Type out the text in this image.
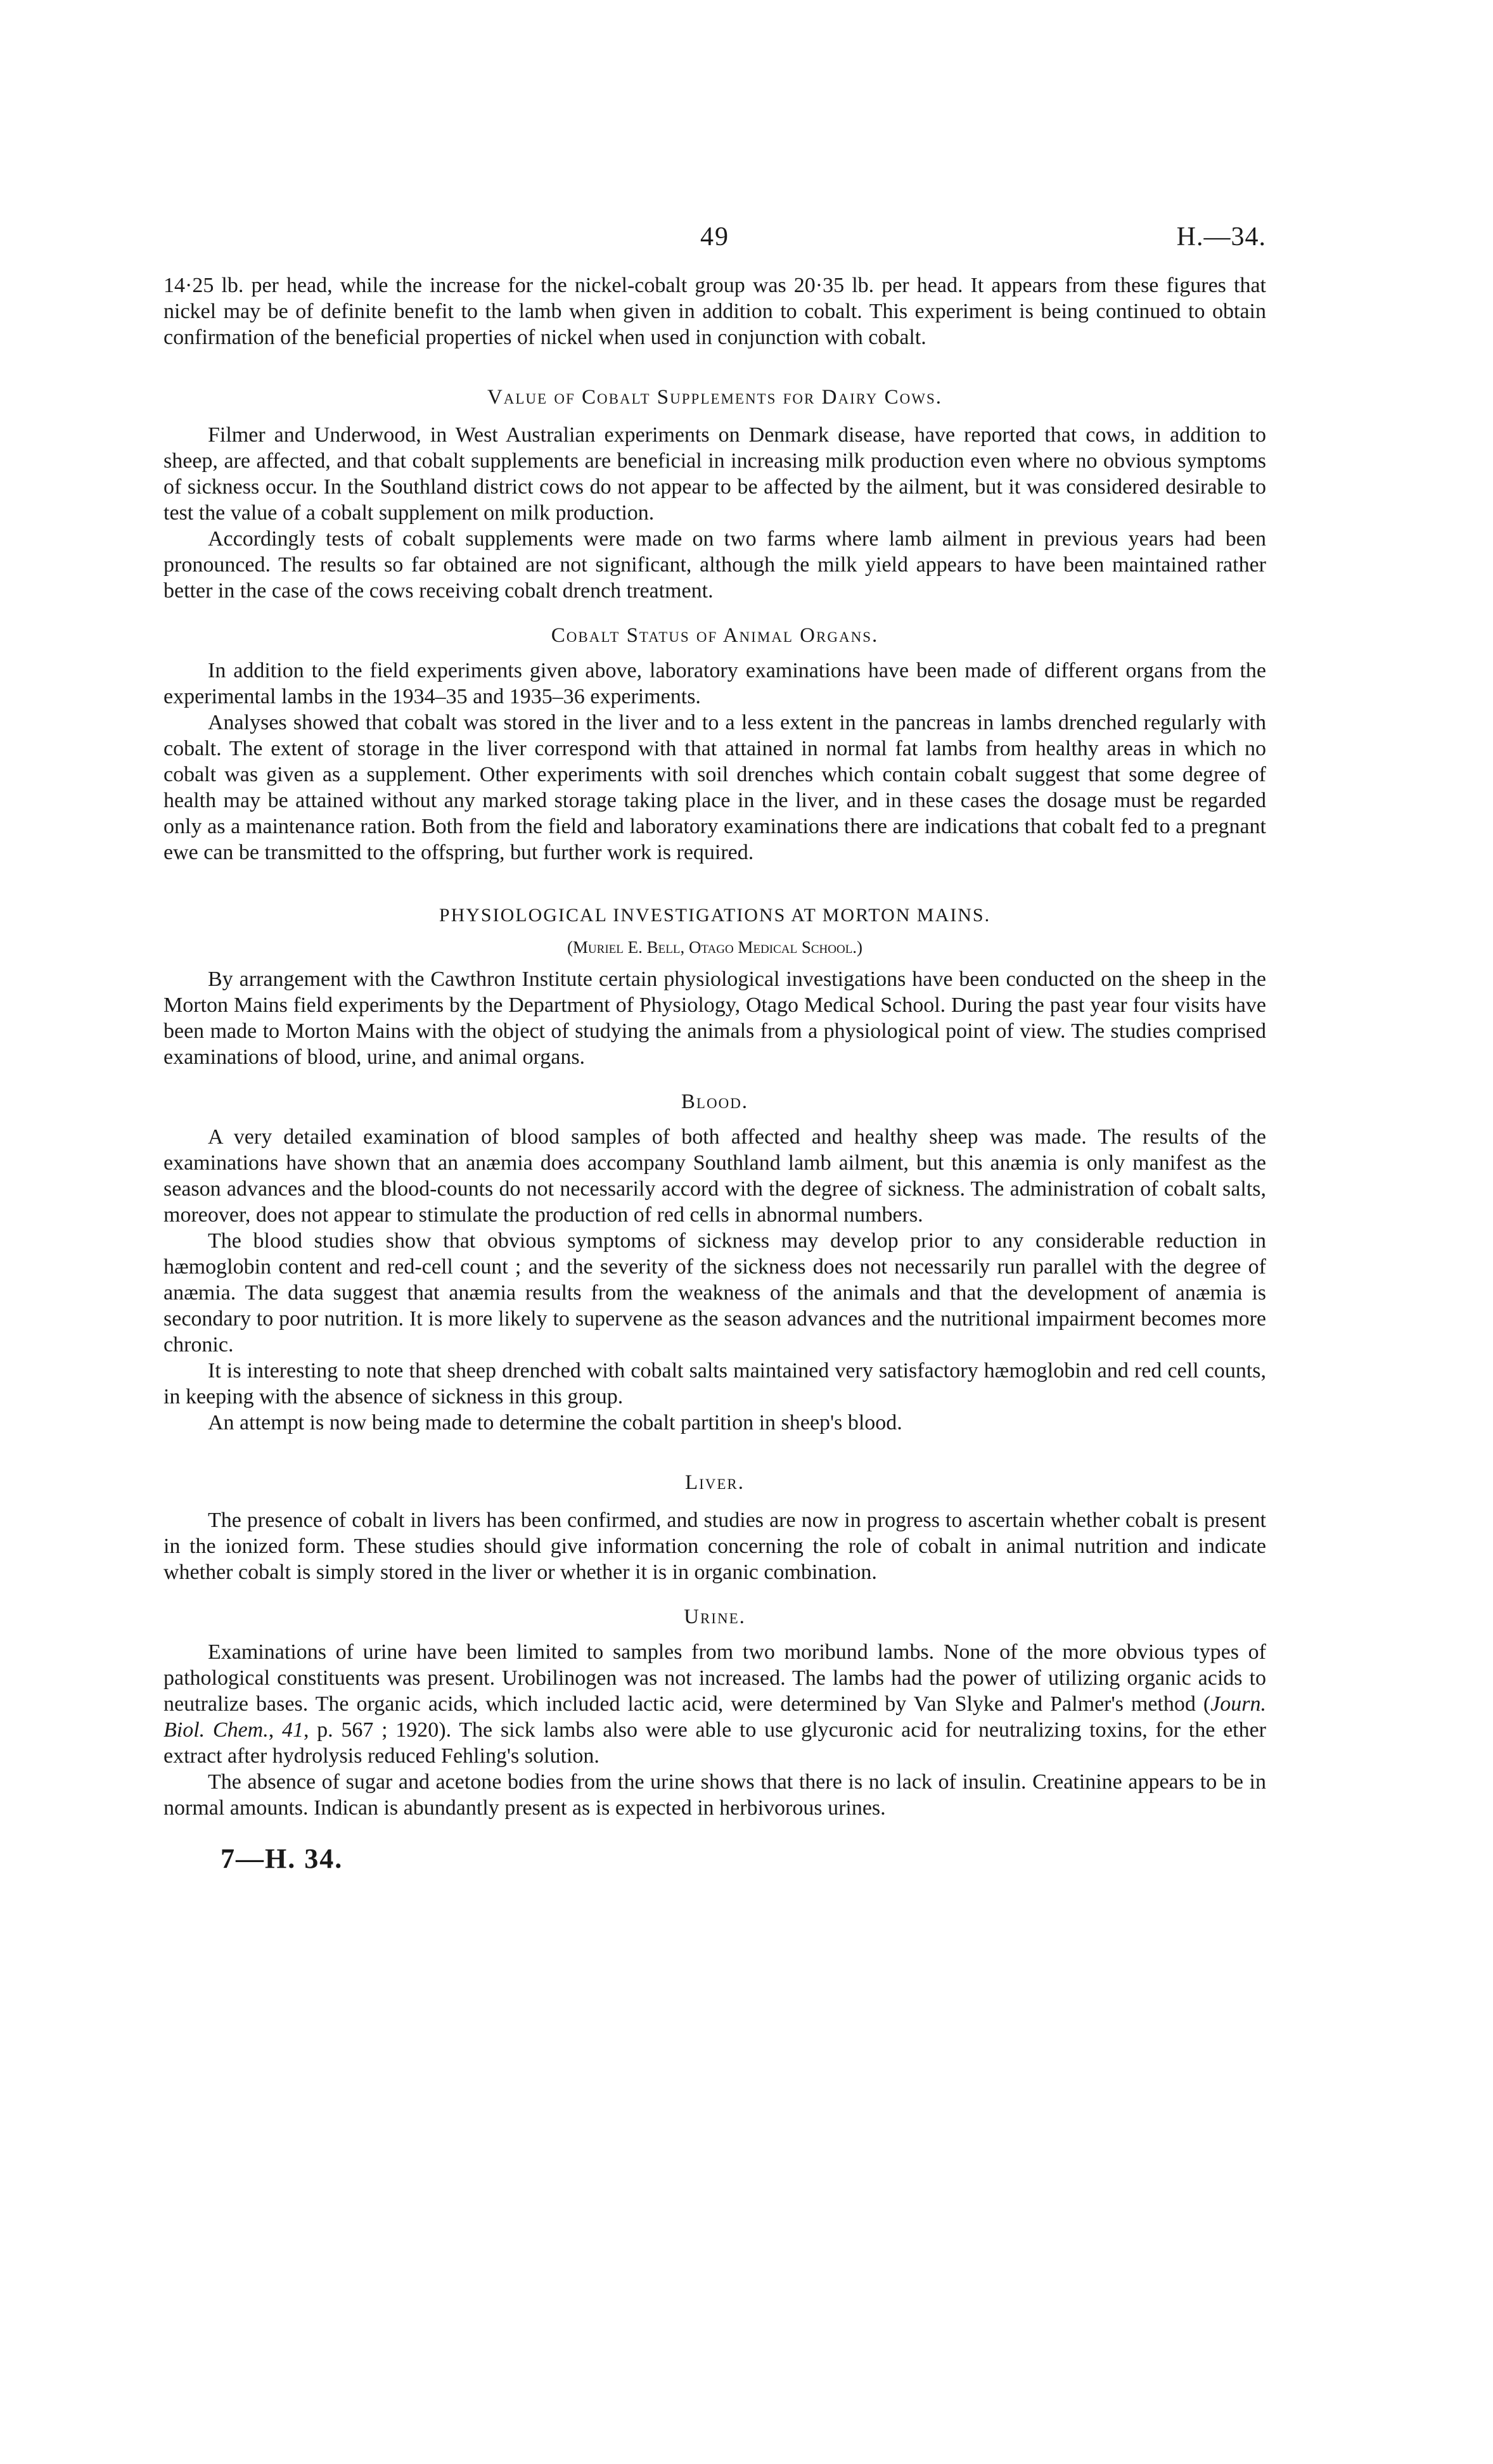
49	H.—34.

14·25 lb. per head, while the increase for the nickel-cobalt group was 20·35 lb. per head. It appears from these figures that nickel may be of definite benefit to the lamb when given in addition to cobalt. This experiment is being continued to obtain confirmation of the beneficial properties of nickel when used in conjunction with cobalt.

Value of Cobalt Supplements for Dairy Cows.

Filmer and Underwood, in West Australian experiments on Denmark disease, have reported that cows, in addition to sheep, are affected, and that cobalt supplements are beneficial in increasing milk production even where no obvious symptoms of sickness occur. In the Southland district cows do not appear to be affected by the ailment, but it was considered desirable to test the value of a cobalt supplement on milk production.

Accordingly tests of cobalt supplements were made on two farms where lamb ailment in previous years had been pronounced. The results so far obtained are not significant, although the milk yield appears to have been maintained rather better in the case of the cows receiving cobalt drench treatment.

Cobalt Status of Animal Organs.

In addition to the field experiments given above, laboratory examinations have been made of different organs from the experimental lambs in the 1934–35 and 1935–36 experiments.

Analyses showed that cobalt was stored in the liver and to a less extent in the pancreas in lambs drenched regularly with cobalt. The extent of storage in the liver correspond with that attained in normal fat lambs from healthy areas in which no cobalt was given as a supplement. Other experiments with soil drenches which contain cobalt suggest that some degree of health may be attained without any marked storage taking place in the liver, and in these cases the dosage must be regarded only as a maintenance ration. Both from the field and laboratory examinations there are indications that cobalt fed to a pregnant ewe can be transmitted to the offspring, but further work is required.

PHYSIOLOGICAL INVESTIGATIONS AT MORTON MAINS.
(Muriel E. Bell, Otago Medical School.)

By arrangement with the Cawthron Institute certain physiological investigations have been conducted on the sheep in the Morton Mains field experiments by the Department of Physiology, Otago Medical School. During the past year four visits have been made to Morton Mains with the object of studying the animals from a physiological point of view. The studies comprised examinations of blood, urine, and animal organs.

Blood.

A very detailed examination of blood samples of both affected and healthy sheep was made. The results of the examinations have shown that an anæmia does accompany Southland lamb ailment, but this anæmia is only manifest as the season advances and the blood-counts do not necessarily accord with the degree of sickness. The administration of cobalt salts, moreover, does not appear to stimulate the production of red cells in abnormal numbers.

The blood studies show that obvious symptoms of sickness may develop prior to any considerable reduction in hæmoglobin content and red-cell count ; and the severity of the sickness does not necessarily run parallel with the degree of anæmia. The data suggest that anæmia results from the weakness of the animals and that the development of anæmia is secondary to poor nutrition. It is more likely to supervene as the season advances and the nutritional impairment becomes more chronic.

It is interesting to note that sheep drenched with cobalt salts maintained very satisfactory hæmoglobin and red cell counts, in keeping with the absence of sickness in this group.

An attempt is now being made to determine the cobalt partition in sheep's blood.

Liver.

The presence of cobalt in livers has been confirmed, and studies are now in progress to ascertain whether cobalt is present in the ionized form. These studies should give information concerning the role of cobalt in animal nutrition and indicate whether cobalt is simply stored in the liver or whether it is in organic combination.

Urine.

Examinations of urine have been limited to samples from two moribund lambs. None of the more obvious types of pathological constituents was present. Urobilinogen was not increased. The lambs had the power of utilizing organic acids to neutralize bases. The organic acids, which included lactic acid, were determined by Van Slyke and Palmer's method (Journ. Biol. Chem., 41, p. 567 ; 1920). The sick lambs also were able to use glycuronic acid for neutralizing toxins, for the ether extract after hydrolysis reduced Fehling's solution.

The absence of sugar and acetone bodies from the urine shows that there is no lack of insulin. Creatinine appears to be in normal amounts. Indican is abundantly present as is expected in herbivorous urines.

7—H. 34.
